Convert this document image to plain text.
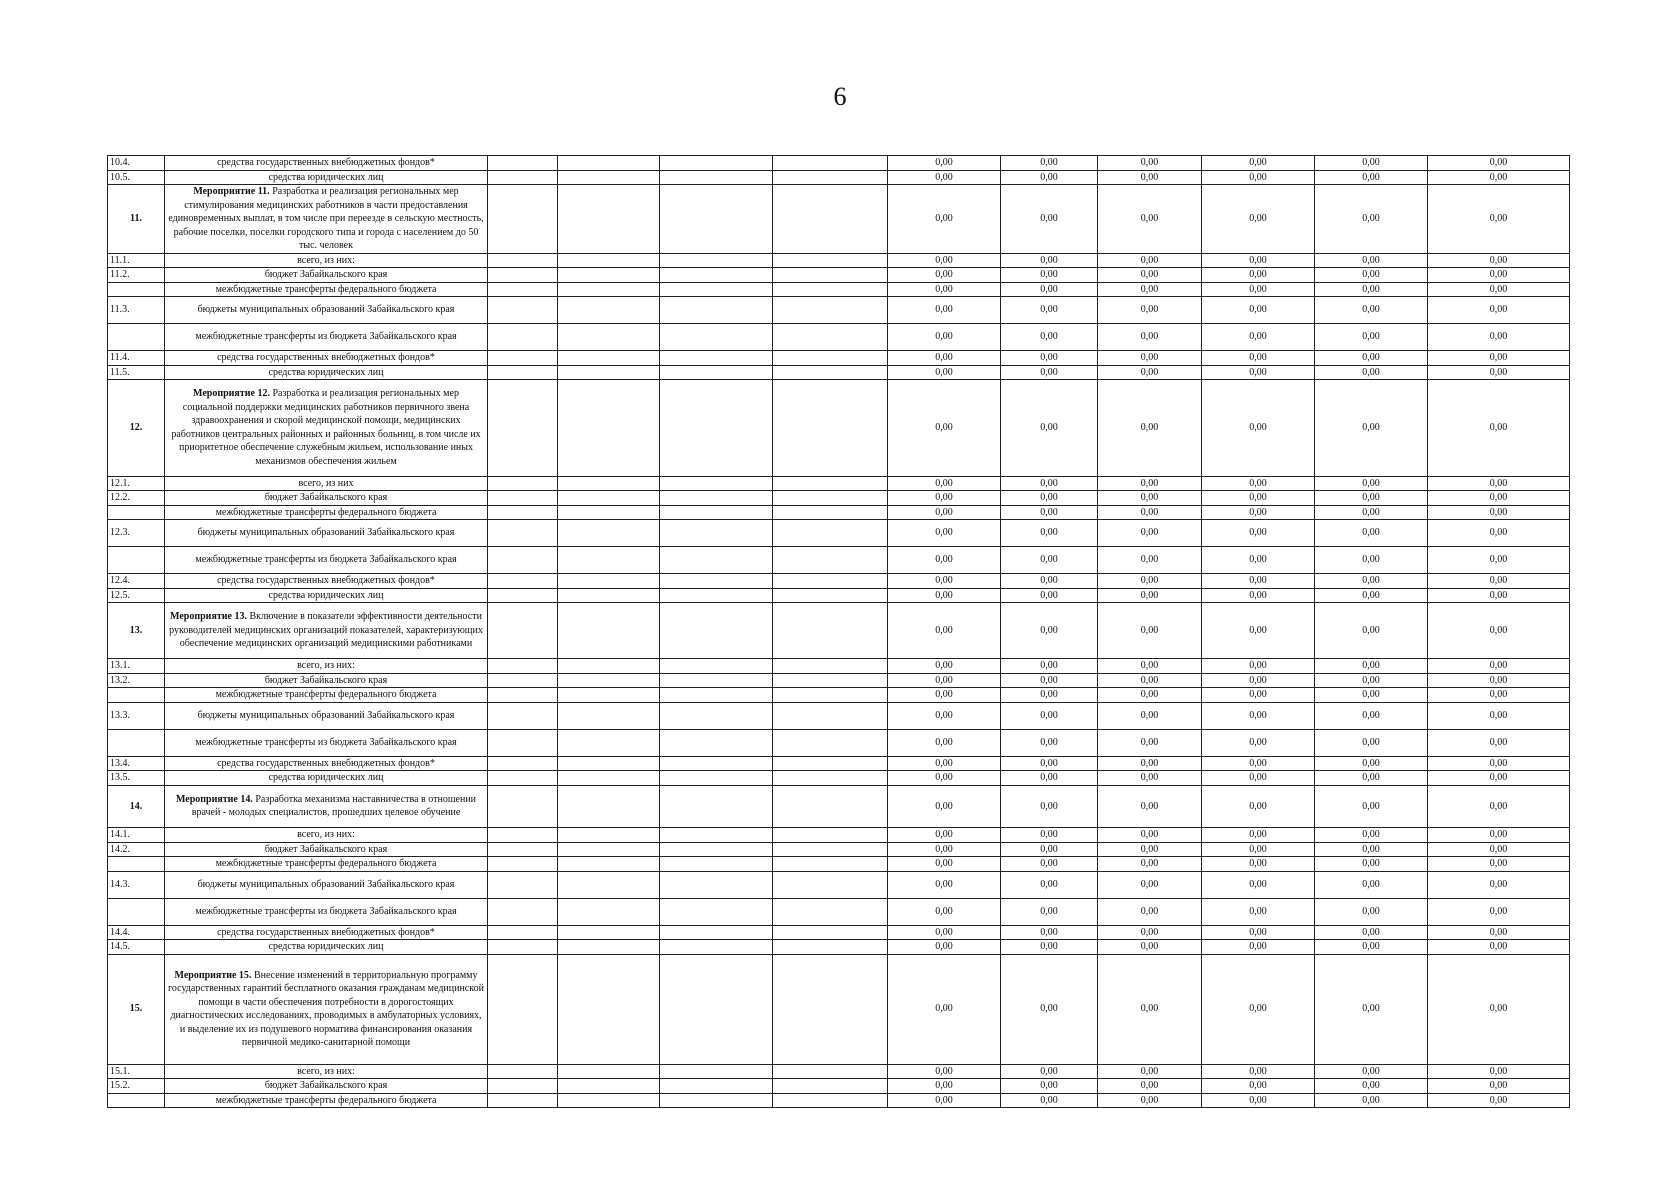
6
10.4.	средства государственных внебюджетных фондов*					0,00	0,00	0,00	0,00	0,00	0,00
10.5.	средства юридических лиц					0,00	0,00	0,00	0,00	0,00	0,00
11.	Мероприятие 11. Разработка и реализация региональных мер стимулирования медицинских работников в части предоставления единовременных выплат, в том числе при переезде в сельскую местность, рабочие поселки, поселки городского типа и города с населением до 50 тыс. человек					0,00	0,00	0,00	0,00	0,00	0,00
11.1.	всего, из них:					0,00	0,00	0,00	0,00	0,00	0,00
11.2.	бюджет Забайкальского края					0,00	0,00	0,00	0,00	0,00	0,00
	межбюджетные трансферты федерального бюджета					0,00	0,00	0,00	0,00	0,00	0,00
11.3.	бюджеты муниципальных образований Забайкальского края					0,00	0,00	0,00	0,00	0,00	0,00
	межбюджетные трансферты из бюджета Забайкальского края					0,00	0,00	0,00	0,00	0,00	0,00
11.4.	средства государственных внебюджетных фондов*					0,00	0,00	0,00	0,00	0,00	0,00
11.5.	средства юридических лиц					0,00	0,00	0,00	0,00	0,00	0,00
12.	Мероприятие 12. Разработка и реализация региональных мер социальной поддержки медицинских работников первичного звена здравоохранения и скорой медицинской помощи, медицинских работников центральных районных и районных больниц, в том числе их приоритетное обеспечение служебным жильем, использование иных механизмов обеспечения жильем					0,00	0,00	0,00	0,00	0,00	0,00
12.1.	всего, из них					0,00	0,00	0,00	0,00	0,00	0,00
12.2.	бюджет Забайкальского края					0,00	0,00	0,00	0,00	0,00	0,00
	межбюджетные трансферты федерального бюджета					0,00	0,00	0,00	0,00	0,00	0,00
12.3.	бюджеты муниципальных образований Забайкальского края					0,00	0,00	0,00	0,00	0,00	0,00
	межбюджетные трансферты из бюджета Забайкальского края					0,00	0,00	0,00	0,00	0,00	0,00
12.4.	средства государственных внебюджетных фондов*					0,00	0,00	0,00	0,00	0,00	0,00
12.5.	средства юридических лиц					0,00	0,00	0,00	0,00	0,00	0,00
13.	Мероприятие 13. Включение в показатели эффективности деятельности руководителей медицинских организаций показателей, характеризующих обеспечение медицинских организаций медицинскими работниками					0,00	0,00	0,00	0,00	0,00	0,00
13.1.	всего, из них:					0,00	0,00	0,00	0,00	0,00	0,00
13.2.	бюджет Забайкальского края					0,00	0,00	0,00	0,00	0,00	0,00
	межбюджетные трансферты федерального бюджета					0,00	0,00	0,00	0,00	0,00	0,00
13.3.	бюджеты муниципальных образований Забайкальского края					0,00	0,00	0,00	0,00	0,00	0,00
	межбюджетные трансферты из бюджета Забайкальского края					0,00	0,00	0,00	0,00	0,00	0,00
13.4.	средства государственных внебюджетных фондов*					0,00	0,00	0,00	0,00	0,00	0,00
13.5.	средства юридических лиц					0,00	0,00	0,00	0,00	0,00	0,00
14.	Мероприятие 14. Разработка механизма наставничества в отношении врачей - молодых специалистов, прошедших целевое обучение					0,00	0,00	0,00	0,00	0,00	0,00
14.1.	всего, из них:					0,00	0,00	0,00	0,00	0,00	0,00
14.2.	бюджет Забайкальского края					0,00	0,00	0,00	0,00	0,00	0,00
	межбюджетные трансферты федерального бюджета					0,00	0,00	0,00	0,00	0,00	0,00
14.3.	бюджеты муниципальных образований Забайкальского края					0,00	0,00	0,00	0,00	0,00	0,00
	межбюджетные трансферты из бюджета Забайкальского края					0,00	0,00	0,00	0,00	0,00	0,00
14.4.	средства государственных внебюджетных фондов*					0,00	0,00	0,00	0,00	0,00	0,00
14.5.	средства юридических лиц					0,00	0,00	0,00	0,00	0,00	0,00
15.	Мероприятие 15. Внесение изменений в территориальную программу государственных гарантий бесплатного оказания гражданам медицинской помощи в части обеспечения потребности в дорогостоящих диагностических исследованиях, проводимых в амбулаторных условиях, и выделение их из подушевого норматива финансирования оказания первичной медико-санитарной помощи					0,00	0,00	0,00	0,00	0,00	0,00
15.1.	всего, из них:					0,00	0,00	0,00	0,00	0,00	0,00
15.2.	бюджет Забайкальского края					0,00	0,00	0,00	0,00	0,00	0,00
	межбюджетные трансферты федерального бюджета					0,00	0,00	0,00	0,00	0,00	0,00
